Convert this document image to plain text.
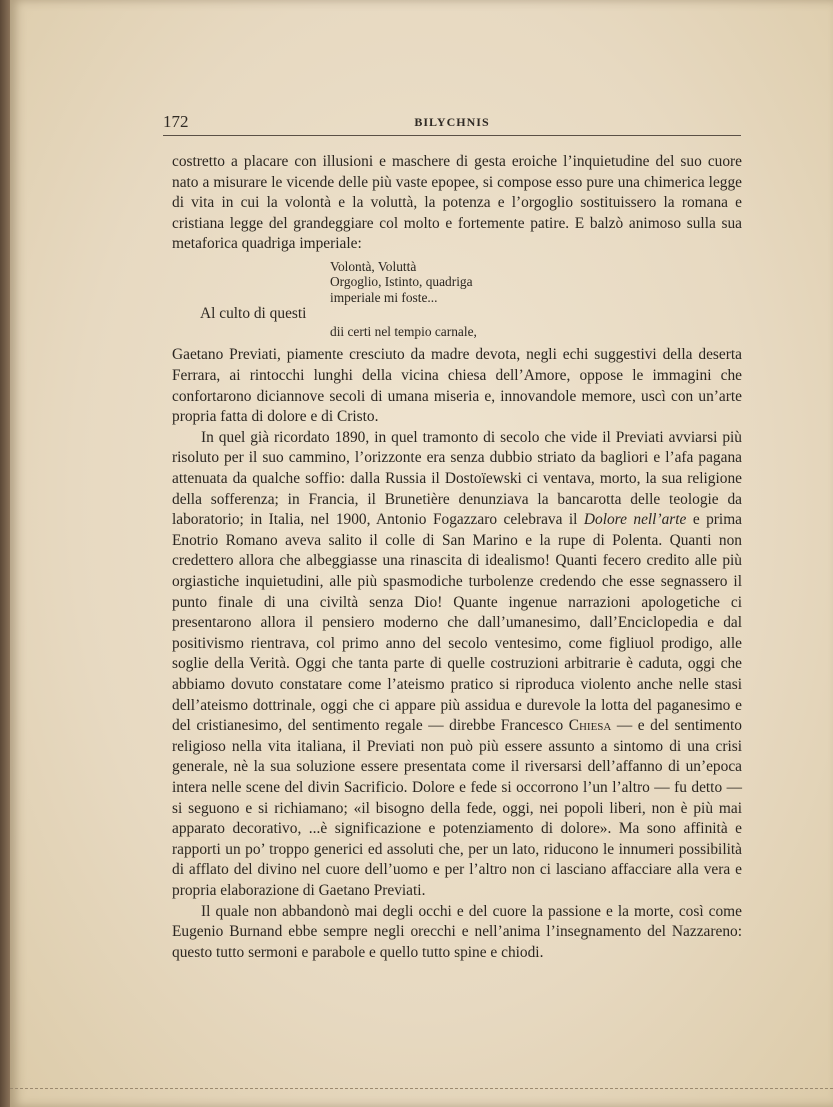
172	BILYCHNIS

costretto a placare con illusioni e maschere di gesta eroiche l’inquietudine del suo cuore nato a misurare le vicende delle più vaste epopee, si compose esso pure una chimerica legge di vita in cui la volontà e la voluttà, la potenza e l’orgoglio sostituissero la romana e cristiana legge del grandeggiare col molto e fortemente patire. E balzò animoso sulla sua metaforica quadriga imperiale:

Volontà, Voluttà
Orgoglio, Istinto, quadriga
imperiale mi foste...
Al culto di questi
dii certi nel tempio carnale,

Gaetano Previati, piamente cresciuto da madre devota, negli echi suggestivi della deserta Ferrara, ai rintocchi lunghi della vicina chiesa dell’Amore, oppose le immagini che confortarono diciannove secoli di umana miseria e, innovandole memore, uscì con un’arte propria fatta di dolore e di Cristo.

In quel già ricordato 1890, in quel tramonto di secolo che vide il Previati avviarsi più risoluto per il suo cammino, l’orizzonte era senza dubbio striato da bagliori e l’afa pagana attenuata da qualche soffio: dalla Russia il Dostoïewski ci ventava, morto, la sua religione della sofferenza; in Francia, il Brunetière denunziava la bancarotta delle teologie da laboratorio; in Italia, nel 1900, Antonio Fogazzaro celebrava il Dolore nell’arte e prima Enotrio Romano aveva salito il colle di San Marino e la rupe di Polenta. Quanti non credettero allora che albeggiasse una rinascita di idealismo! Quanti fecero credito alle più orgiastiche inquietudini, alle più spasmodiche turbolenze credendo che esse segnassero il punto finale di una civiltà senza Dio! Quante ingenue narrazioni apologetiche ci presentarono allora il pensiero moderno che dall’umanesimo, dall’Enciclopedia e dal positivismo rientrava, col primo anno del secolo ventesimo, come figliuol prodigo, alle soglie della Verità. Oggi che tanta parte di quelle costruzioni arbitrarie è caduta, oggi che abbiamo dovuto constatare come l’ateismo pratico si riproduca violento anche nelle stasi dell’ateismo dottrinale, oggi che ci appare più assidua e durevole la lotta del paganesimo e del cristianesimo, del sentimento regale — direbbe Francesco Chiesa — e del sentimento religioso nella vita italiana, il Previati non può più essere assunto a sintomo di una crisi generale, nè la sua soluzione essere presentata come il riversarsi dell’affanno di un’epoca intera nelle scene del divin Sacrificio. Dolore e fede si occorrono l’un l’altro — fu detto — si seguono e si richiamano; «il bisogno della fede, oggi, nei popoli liberi, non è più mai apparato decorativo, ...è significazione e potenziamento di dolore». Ma sono affinità e rapporti un po’ troppo generici ed assoluti che, per un lato, riducono le innumeri possibilità di afflato del divino nel cuore dell’uomo e per l’altro non ci lasciano affacciare alla vera e propria elaborazione di Gaetano Previati.

Il quale non abbandonò mai degli occhi e del cuore la passione e la morte, così come Eugenio Burnand ebbe sempre negli orecchi e nell’anima l’insegnamento del Nazzareno: questo tutto sermoni e parabole e quello tutto spine e chiodi.
